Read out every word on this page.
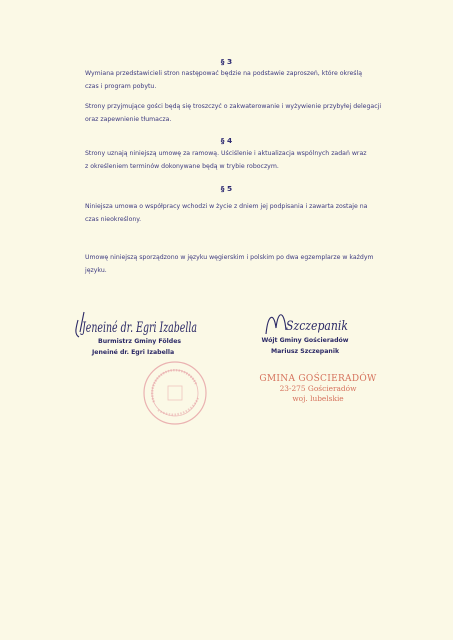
§ 3
Wymiana przedstawicieli stron następować będzie na podstawie zaproszeń, które określą
czas i program pobytu.
Strony przyjmujące gości będą się troszczyć o zakwaterowanie i wyżywienie przybyłej delegacji
oraz zapewnienie tłumacza.
§ 4
Strony uznają niniejszą umowę za ramową. Uściślenie i aktualizacja wspólnych zadań wraz
z określeniem terminów dokonywane będą w trybie roboczym.
§ 5
Niniejsza umowa o współpracy wchodzi w życie z dniem jej podpisania i zawarta zostaje na
czas nieokreślony.
Umowę niniejszą sporządzono w języku węgierskim i polskim po dwa egzemplarze w każdym
języku.
Jeneiné dr. Egri Izabella	Szczepanik
Burmistrz Gminy Földes
Jeneiné dr. Egri Izabella
Wójt Gminy Gościeradów
Mariusz Szczepanik
GMINA GOŚCIERADÓW
23-275 Gościeradów
woj. lubelskie
